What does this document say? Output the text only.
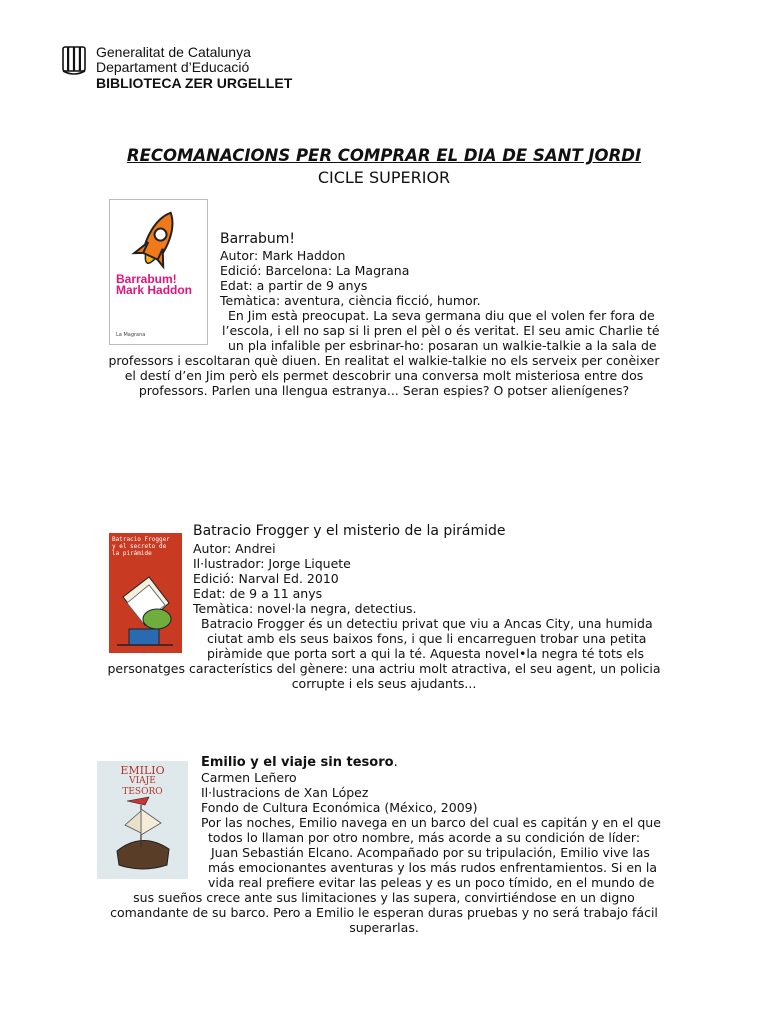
Generalitat de Catalunya
Departament d’Educació
BIBLIOTECA ZER URGELLET
RECOMANACIONS PER COMPRAR EL DIA DE SANT JORDI
CICLE SUPERIOR
Barrabum!
Mark Haddon
La Magrana
Barrabum!
Autor: Mark Haddon
Edició: Barcelona: La Magrana
Edat: a partir de 9 anys
Temàtica: aventura, ciència ficció, humor.
En Jim està preocupat. La seva germana diu que el volen fer fora de
l’escola, i ell no sap si li pren el pèl o és veritat. El seu amic Charlie té
un pla infalible per esbrinar-ho: posaran un walkie-talkie a la sala de
professors i escoltaran què diuen. En realitat el walkie-talkie no els serveix per conèixer
el destí d’en Jim però els permet descobrir una conversa molt misteriosa entre dos
professors. Parlen una llengua estranya... Seran espies? O potser alienígenes?
Batracio Frogger
y el secreto de
la pirámide
Batracio Frogger y el misterio de la pirámide
Autor: Andrei
Il·lustrador: Jorge Liquete
Edició: Narval Ed. 2010
Edat: de 9 a 11 anys
Temàtica: novel·la negra, detectius.
Batracio Frogger és un detectiu privat que viu a Ancas City, una humida
ciutat amb els seus baixos fons, i que li encarreguen trobar una petita
piràmide que porta sort a qui la té. Aquesta novel•la negra té tots els
personatges característics del gènere: una actriu molt atractiva, el seu agent, un policia
corrupte i els seus ajudants...
EMILIO
VIAJE
TESORO
Emilio y el viaje sin tesoro.
Carmen Leñero
Il·lustracions de Xan López
Fondo de Cultura Económica (México, 2009)
Por las noches, Emilio navega en un barco del cual es capitán y en el que
todos lo llaman por otro nombre, más acorde a su condición de líder:
Juan Sebastián Elcano. Acompañado por su tripulación, Emilio vive las
más emocionantes aventuras y los más rudos enfrentamientos. Si en la
vida real prefiere evitar las peleas y es un poco tímido, en el mundo de
sus sueños crece ante sus limitaciones y las supera, convirtiéndose en un digno
comandante de su barco. Pero a Emilio le esperan duras pruebas y no será trabajo fácil
superarlas.
